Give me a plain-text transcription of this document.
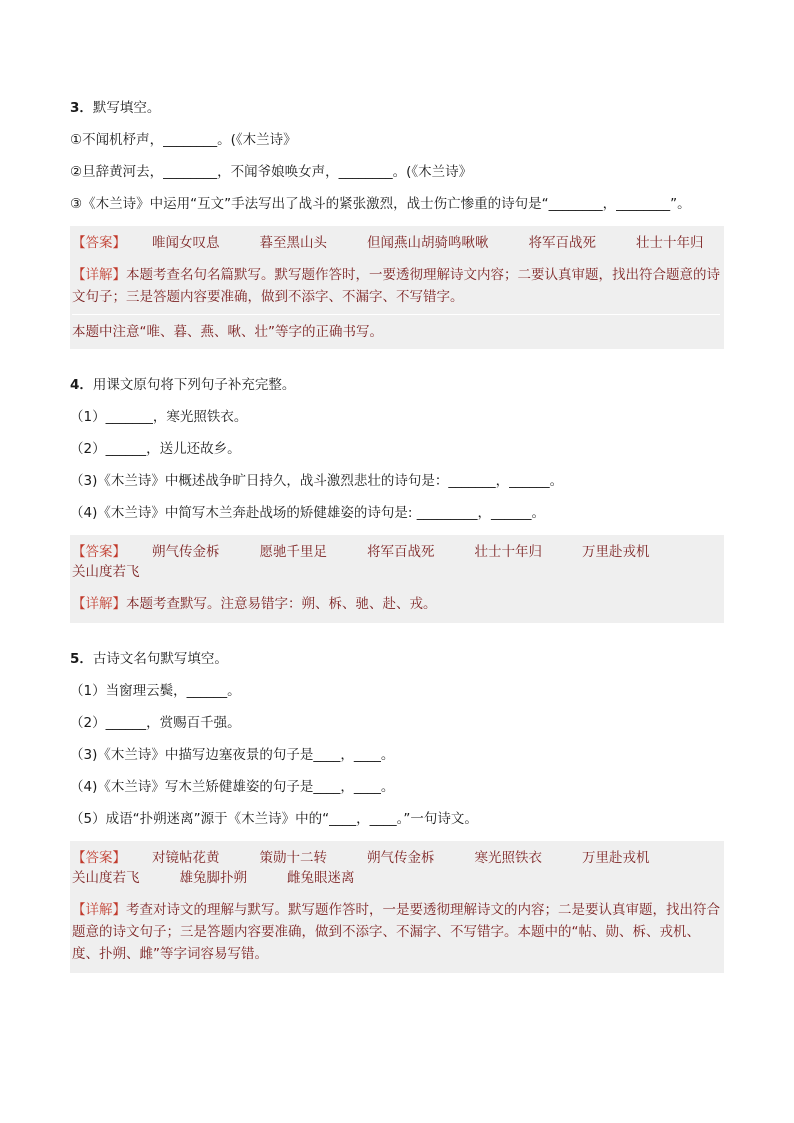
3．默写填空。
①不闻机杼声，________。(《木兰诗》
②旦辞黄河去，________，不闻爷娘唤女声，________。(《木兰诗》
③《木兰诗》中运用“互文”手法写出了战斗的紧张激烈，战士伤亡惨重的诗句是“________，________”。
【答案】 唯闻女叹息	暮至黑山头	但闻燕山胡骑鸣啾啾	将军百战死	壮士十年归
【详解】本题考查名句名篇默写。默写题作答时，一要透彻理解诗文内容；二要认真审题，找出符合题意的诗文句子；三是答题内容要准确，做到不添字、不漏字、不写错字。
本题中注意“唯、暮、燕、啾、壮”等字的正确书写。
4．用课文原句将下列句子补充完整。
（1）_______，寒光照铁衣。
（2）______，送儿还故乡。
（3)《木兰诗》中概述战争旷日持久，战斗激烈悲壮的诗句是：_______，______。
（4)《木兰诗》中简写木兰奔赴战场的矫健雄姿的诗句是: _________，______。
【答案】 朔气传金柝	愿驰千里足	将军百战死	壮士十年归	万里赴戎机
关山度若飞
【详解】本题考查默写。注意易错字：朔、柝、驰、赴、戎。
5．古诗文名句默写填空。
（1）当窗理云鬓，______。
（2）______，赏赐百千强。
（3)《木兰诗》中描写边塞夜景的句子是____，____。
（4)《木兰诗》写木兰矫健雄姿的句子是____，____。
（5）成语“扑朔迷离”源于《木兰诗》中的“____，____。”一句诗文。
【答案】 对镜帖花黄	策勋十二转	朔气传金柝	寒光照铁衣	万里赴戎机
关山度若飞	雄兔脚扑朔	雌兔眼迷离
【详解】考查对诗文的理解与默写。默写题作答时，一是要透彻理解诗文的内容；二是要认真审题，找出符合题意的诗文句子；三是答题内容要准确，做到不添字、不漏字、不写错字。本题中的“帖、勋、柝、戎机、度、扑朔、雌”等字词容易写错。
